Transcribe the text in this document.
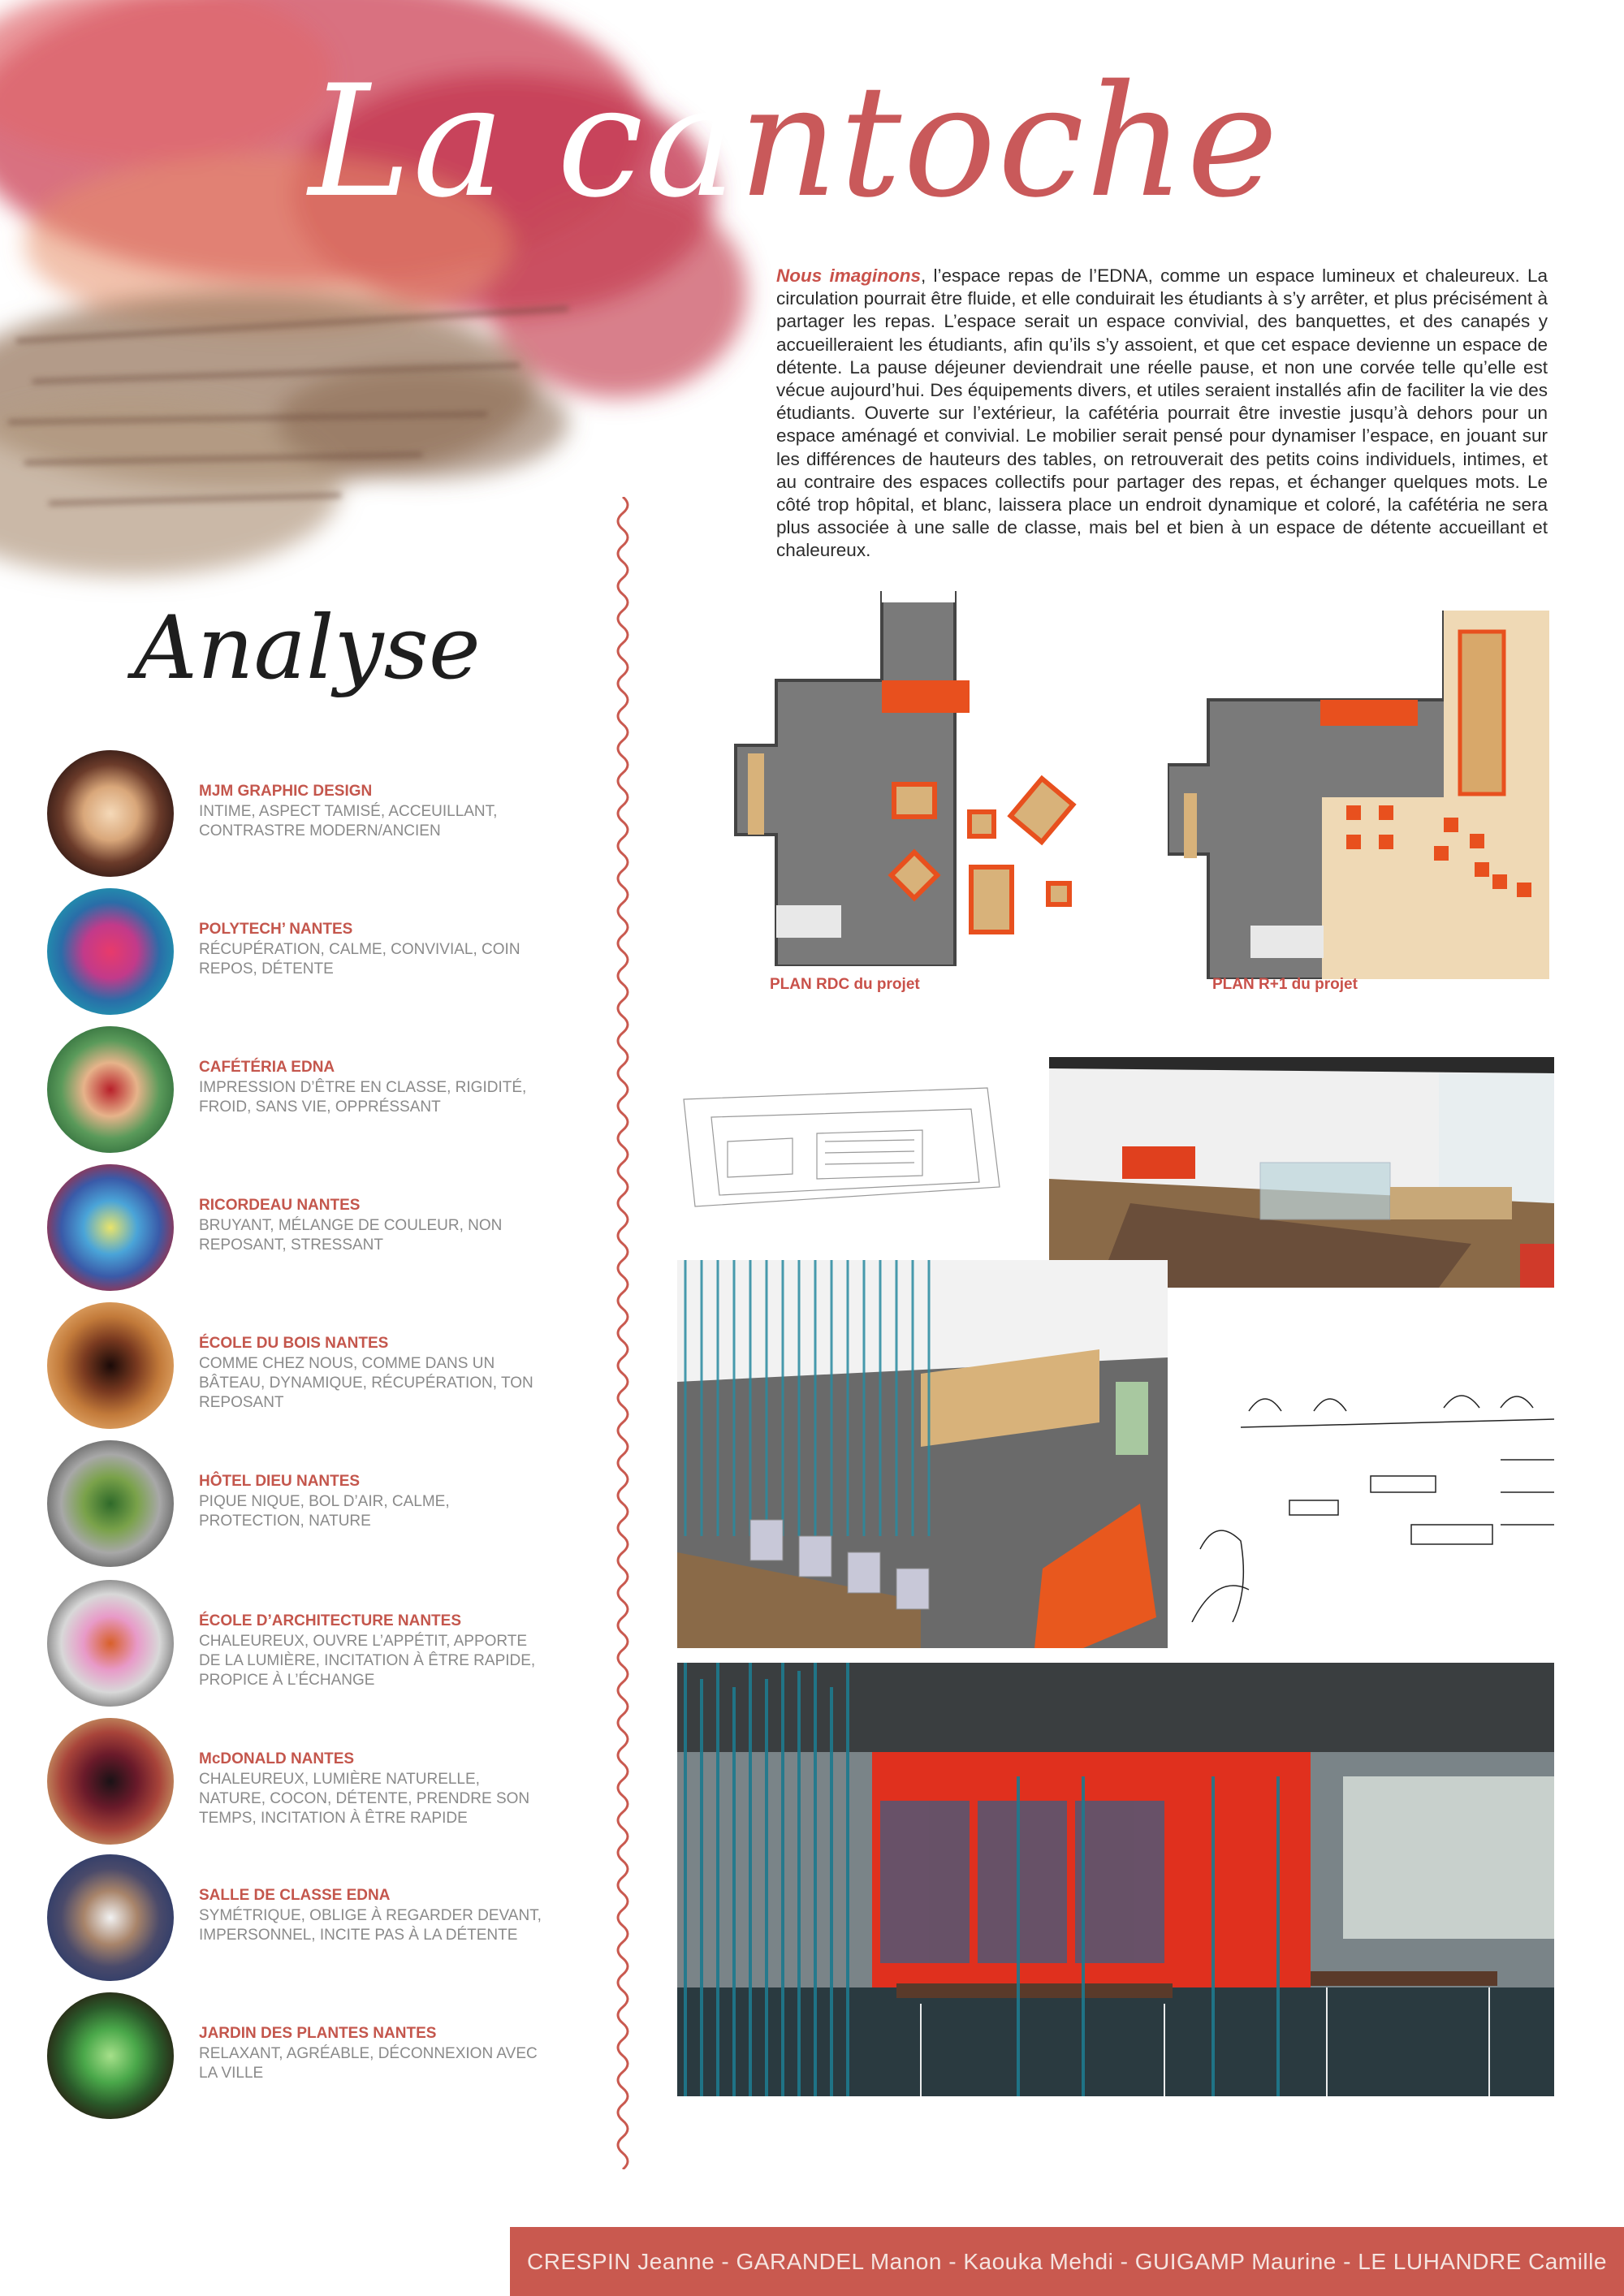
La cantoche
Nous imaginons, l’espace repas de l’EDNA, comme un espace lumineux et chaleureux. La circulation pourrait être fluide, et elle conduirait les étudiants à s’y arrêter, et plus précisément à partager les repas. L’espace serait un espace convivial, des banquettes, et des canapés y accueilleraient les étudiants, afin qu’ils s’y assoient, et que cet espace devienne un espace de détente. La pause déjeuner deviendrait une réelle pause, et non une corvée telle qu’elle est vécue aujourd’hui. Des équipements divers, et utiles seraient installés afin de faciliter la vie des étudiants. Ouverte sur l’extérieur, la cafétéria pourrait être investie jusqu’à dehors pour un espace aménagé et convivial. Le mobilier serait pensé pour dynamiser l’espace, en jouant sur les différences de hauteurs des tables, on retrouverait des petits coins individuels, intimes, et au contraire des espaces collectifs pour partager des repas, et échanger quelques mots. Le côté trop hôpital, et blanc, laissera place un endroit dynamique et coloré, la cafétéria ne sera plus associée à une salle de classe, mais bel et bien à un espace de détente accueillant et chaleureux.
Analyse
MJM GRAPHIC DESIGN
INTIME, ASPECT TAMISÉ, ACCEUILLANT, CONTRASTRE MODERN/ANCIEN
POLYTECH’ NANTES
RÉCUPÉRATION, CALME, CONVIVIAL, COIN REPOS, DÉTENTE
CAFÉTÉRIA EDNA
IMPRESSION D’ÊTRE EN CLASSE, RIGIDITÉ, FROID, SANS VIE, OPPRÉSSANT
RICORDEAU NANTES
BRUYANT, MÉLANGE DE COULEUR, NON REPOSANT, STRESSANT
ÉCOLE DU BOIS NANTES
COMME CHEZ NOUS, COMME DANS UN BÂTEAU, DYNAMIQUE, RÉCUPÉRATION, TON REPOSANT
HÔTEL DIEU NANTES
PIQUE NIQUE, BOL D’AIR, CALME, PROTECTION, NATURE
ÉCOLE D’ARCHITECTURE NANTES
CHALEUREUX, OUVRE L’APPÉTIT, APPORTE DE LA LUMIÈRE, INCITATION À ÊTRE RAPIDE, PROPICE À L’ÉCHANGE
McDONALD NANTES
CHALEUREUX, LUMIÈRE NATURELLE, NATURE, COCON, DÉTENTE, PRENDRE SON TEMPS, INCITATION À ÊTRE RAPIDE
SALLE DE CLASSE EDNA
SYMÉTRIQUE, OBLIGE À REGARDER DEVANT, IMPERSONNEL, INCITE PAS À LA DÉTENTE
JARDIN DES PLANTES NANTES
RELAXANT, AGRÉABLE, DÉCONNEXION AVEC LA VILLE
PLAN RDC du projet	PLAN R+1 du projet
CRESPIN Jeanne - GARANDEL Manon - Kaouka Mehdi - GUIGAMP Maurine - LE LUHANDRE Camille
